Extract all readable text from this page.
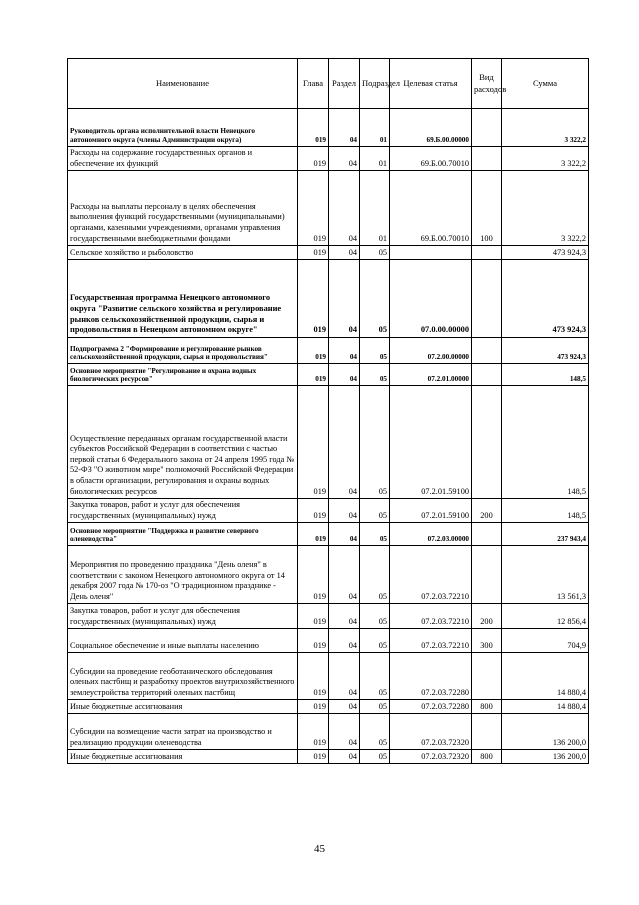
Наименование	Глава	Раздел	Подраздел	Целевая статья	Вид расходов	Сумма
Руководитель органа исполнительной власти Ненецкого автономного округа (члены Администрации округа)	019	04	01	69.Б.00.00000		3 322,2
Расходы на содержание государственных органов и обеспечение их функций	019	04	01	69.Б.00.70010		3 322,2
Расходы на выплаты персоналу в целях обеспечения выполнения функций государственными (муниципальными) органами, казенными учреждениями, органами управления государственными внебюджетными фондами	019	04	01	69.Б.00.70010	100	3 322,2
Сельское хозяйство и рыболовство	019	04	05			473 924,3
Государственная программа Ненецкого автономного округа "Развитие сельского хозяйства и регулирование рынков сельскохозяйственной продукции, сырья и продовольствия в Ненецком автономном округе"	019	04	05	07.0.00.00000		473 924,3
Подпрограмма 2 "Формирование и регулирование рынков сельскохозяйственной продукции, сырья и продовольствия"	019	04	05	07.2.00.00000		473 924,3
Основное мероприятие "Регулирование и охрана водных биологических ресурсов"	019	04	05	07.2.01.00000		148,5
Осуществление переданных органам государственной власти субъектов Российской Федерации в соответствии с частью первой статьи 6 Федерального закона от 24 апреля 1995 года № 52-ФЗ "О животном мире" полномочий Российской Федерации в области организации, регулирования и охраны водных биологических ресурсов	019	04	05	07.2.01.59100		148,5
Закупка товаров, работ и услуг для обеспечения государственных (муниципальных) нужд	019	04	05	07.2.01.59100	200	148,5
Основное мероприятие "Поддержка и развитие северного оленеводства"	019	04	05	07.2.03.00000		237 943,4
Мероприятия по проведению праздника "День оленя" в соответствии с законом Ненецкого автономного округа от 14 декабря 2007 года № 170-оз "О традиционном празднике - День оленя"	019	04	05	07.2.03.72210		13 561,3
Закупка товаров, работ и услуг для обеспечения государственных (муниципальных) нужд	019	04	05	07.2.03.72210	200	12 856,4
Социальное обеспечение и иные выплаты населению	019	04	05	07.2.03.72210	300	704,9
Субсидии на проведение геоботанического обследования оленьих пастбищ и разработку проектов внутрихозяйственного землеустройства территорий оленьих пастбищ	019	04	05	07.2.03.72280		14 880,4
Иные бюджетные ассигнования	019	04	05	07.2.03.72280	800	14 880,4
Субсидии на возмещение части затрат на производство и реализацию продукции оленеводства	019	04	05	07.2.03.72320		136 200,0
Иные бюджетные ассигнования	019	04	05	07.2.03.72320	800	136 200,0
45
